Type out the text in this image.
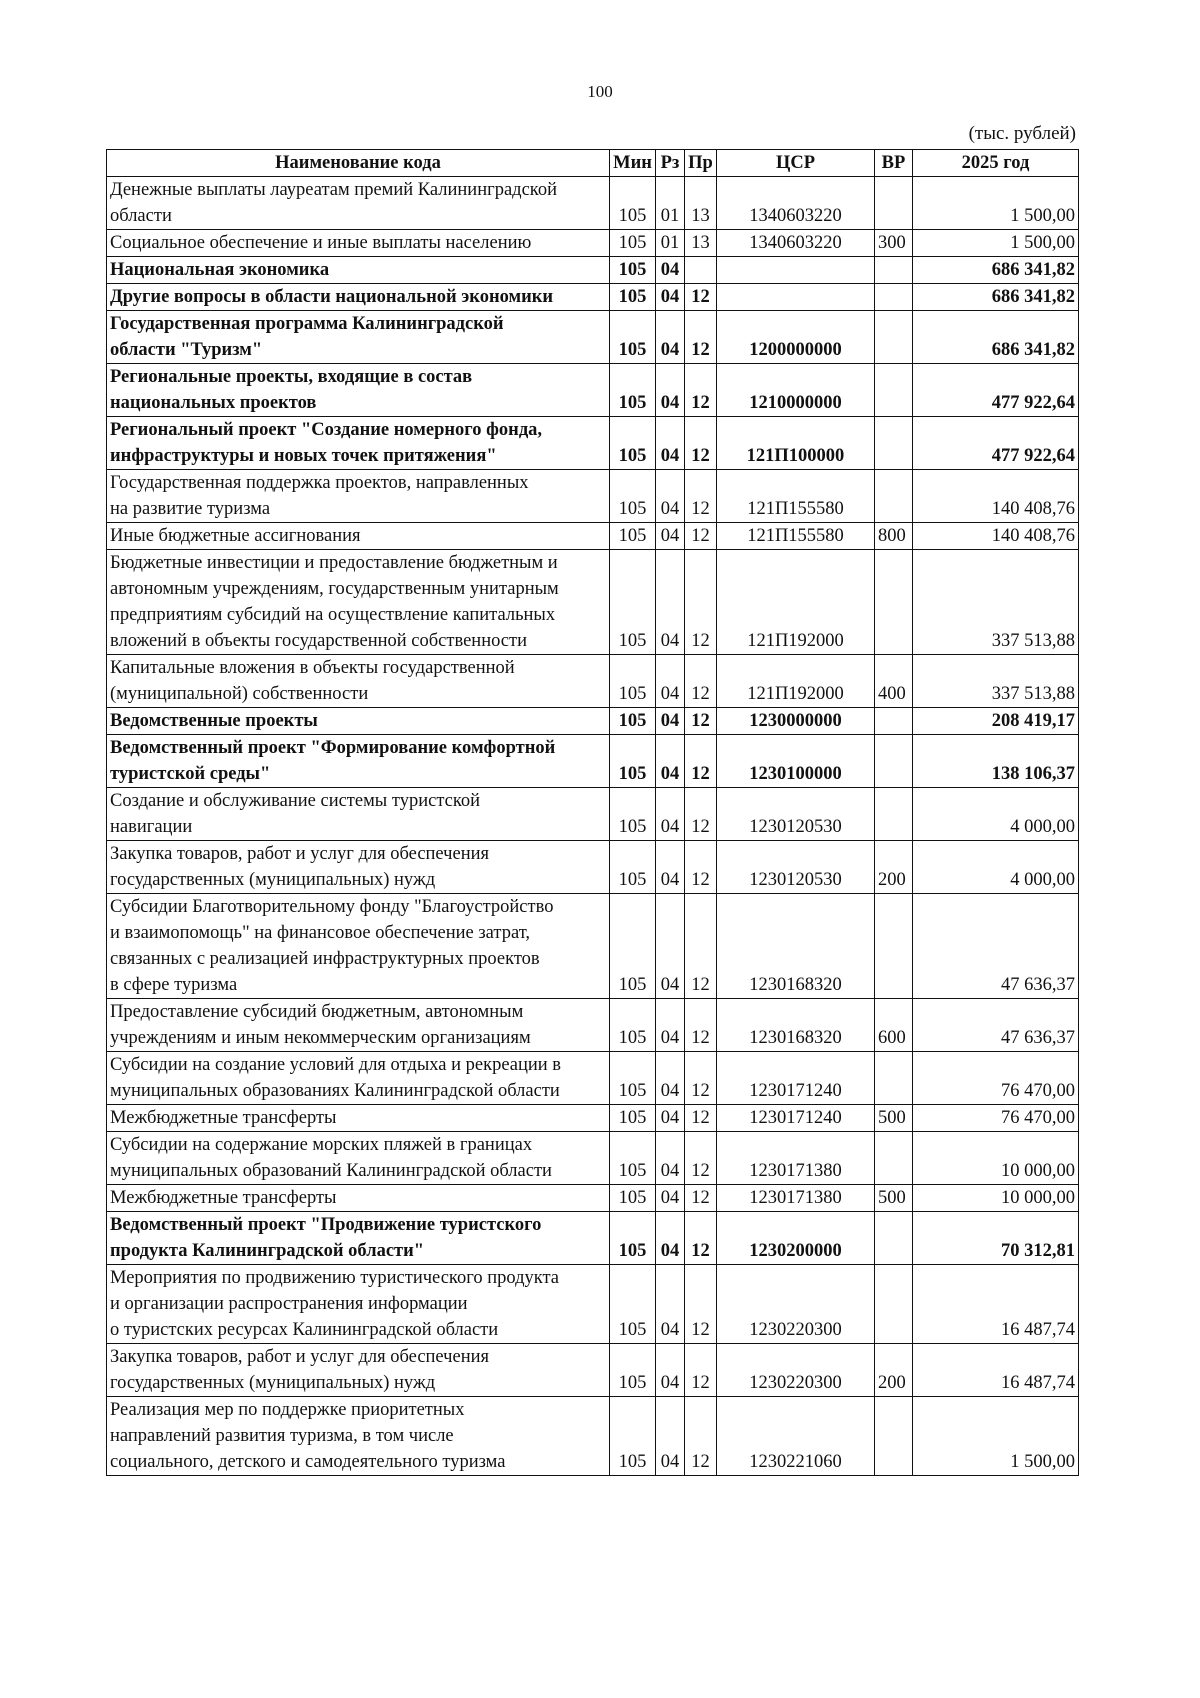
100
(тыс. рублей)
Наименование кода	Мин	Рз	Пр	ЦСР	ВР	2025 год
Денежные выплаты лауреатам премий Калининградской
области	105	01	13	1340603220		1 500,00
Социальное обеспечение и иные выплаты населению	105	01	13	1340603220	300	1 500,00
Национальная экономика	105	04				686 341,82
Другие вопросы в области национальной экономики	105	04	12			686 341,82
Государственная программа Калининградской
области "Туризм"	105	04	12	1200000000		686 341,82
Региональные проекты, входящие в состав
национальных проектов	105	04	12	1210000000		477 922,64
Региональный проект "Создание номерного фонда,
инфраструктуры и новых точек притяжения"	105	04	12	121П100000		477 922,64
Государственная поддержка проектов, направленных
на развитие туризма	105	04	12	121П155580		140 408,76
Иные бюджетные ассигнования	105	04	12	121П155580	800	140 408,76
Бюджетные инвестиции и предоставление бюджетным и
автономным учреждениям, государственным унитарным
предприятиям субсидий на осуществление капитальных
вложений в объекты государственной собственности	105	04	12	121П192000		337 513,88
Капитальные вложения в объекты государственной
(муниципальной) собственности	105	04	12	121П192000	400	337 513,88
Ведомственные проекты	105	04	12	1230000000		208 419,17
Ведомственный проект "Формирование комфортной
туристской среды"	105	04	12	1230100000		138 106,37
Создание и обслуживание системы туристской
навигации	105	04	12	1230120530		4 000,00
Закупка товаров, работ и услуг для обеспечения
государственных (муниципальных) нужд	105	04	12	1230120530	200	4 000,00
Субсидии Благотворительному фонду "Благоустройство
и взаимопомощь" на финансовое обеспечение затрат,
связанных с реализацией инфраструктурных проектов
в сфере туризма	105	04	12	1230168320		47 636,37
Предоставление субсидий бюджетным, автономным
учреждениям и иным некоммерческим организациям	105	04	12	1230168320	600	47 636,37
Субсидии на создание условий для отдыха и рекреации в
муниципальных образованиях Калининградской области	105	04	12	1230171240		76 470,00
Межбюджетные трансферты	105	04	12	1230171240	500	76 470,00
Субсидии на содержание морских пляжей в границах
муниципальных образований Калининградской области	105	04	12	1230171380		10 000,00
Межбюджетные трансферты	105	04	12	1230171380	500	10 000,00
Ведомственный проект "Продвижение туристского
продукта Калининградской области"	105	04	12	1230200000		70 312,81
Мероприятия по продвижению туристического продукта
и организации распространения информации
о туристских ресурсах Калининградской области	105	04	12	1230220300		16 487,74
Закупка товаров, работ и услуг для обеспечения
государственных (муниципальных) нужд	105	04	12	1230220300	200	16 487,74
Реализация мер по поддержке приоритетных
направлений развития туризма, в том числе
социального, детского и самодеятельного туризма	105	04	12	1230221060		1 500,00
